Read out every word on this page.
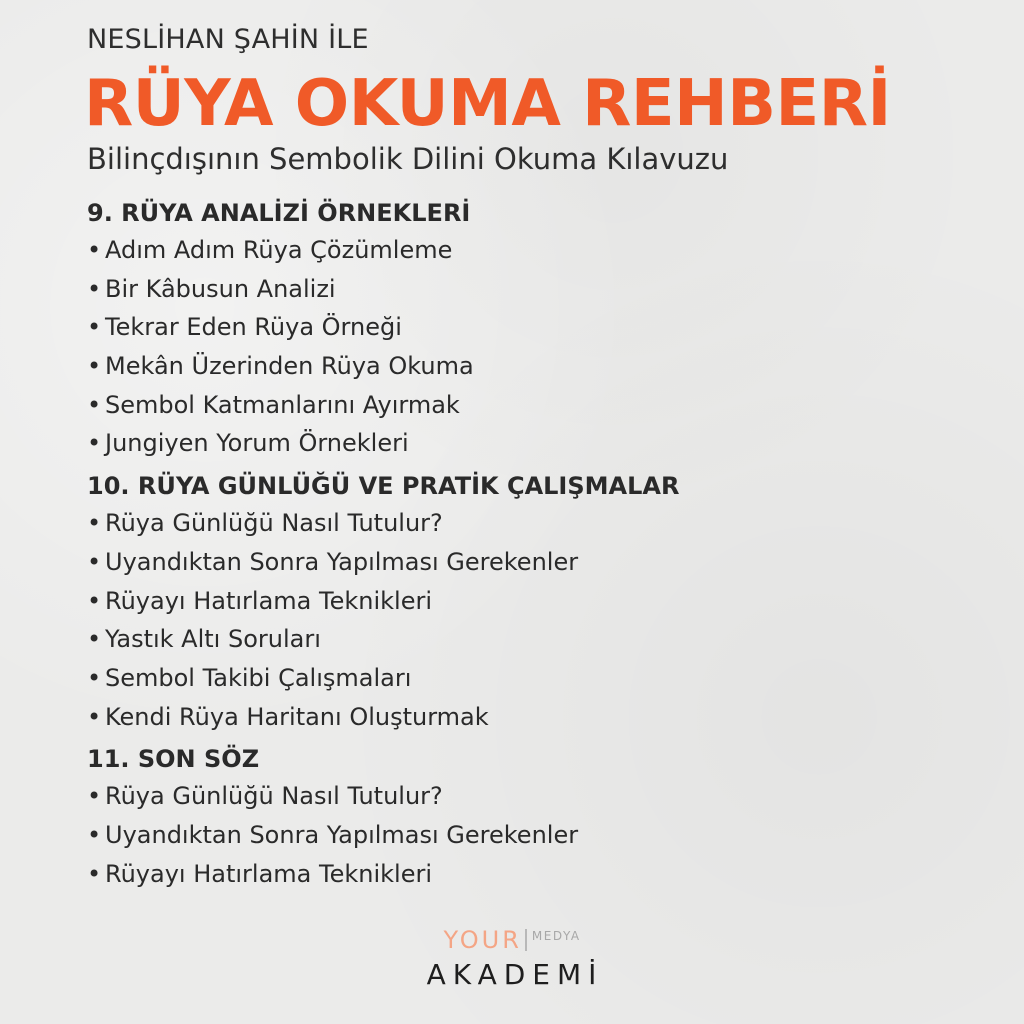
NESLİHAN ŞAHİN İLE
RÜYA OKUMA REHBERİ
Bilinçdışının Sembolik Dilini Okuma Kılavuzu
9. RÜYA ANALİZİ ÖRNEKLERİ
• Adım Adım Rüya Çözümleme
• Bir Kâbusun Analizi
• Tekrar Eden Rüya Örneği
• Mekân Üzerinden Rüya Okuma
• Sembol Katmanlarını Ayırmak
• Jungiyen Yorum Örnekleri
10. RÜYA GÜNLÜĞÜ VE PRATİK ÇALIŞMALAR
• Rüya Günlüğü Nasıl Tutulur?
• Uyandıktan Sonra Yapılması Gerekenler
• Rüyayı Hatırlama Teknikleri
• Yastık Altı Soruları
• Sembol Takibi Çalışmaları
• Kendi Rüya Haritanı Oluşturmak
11. SON SÖZ
• Rüya Günlüğü Nasıl Tutulur?
• Uyandıktan Sonra Yapılması Gerekenler
• Rüyayı Hatırlama Teknikleri
YOUR MEDYA
AKADEMİ
